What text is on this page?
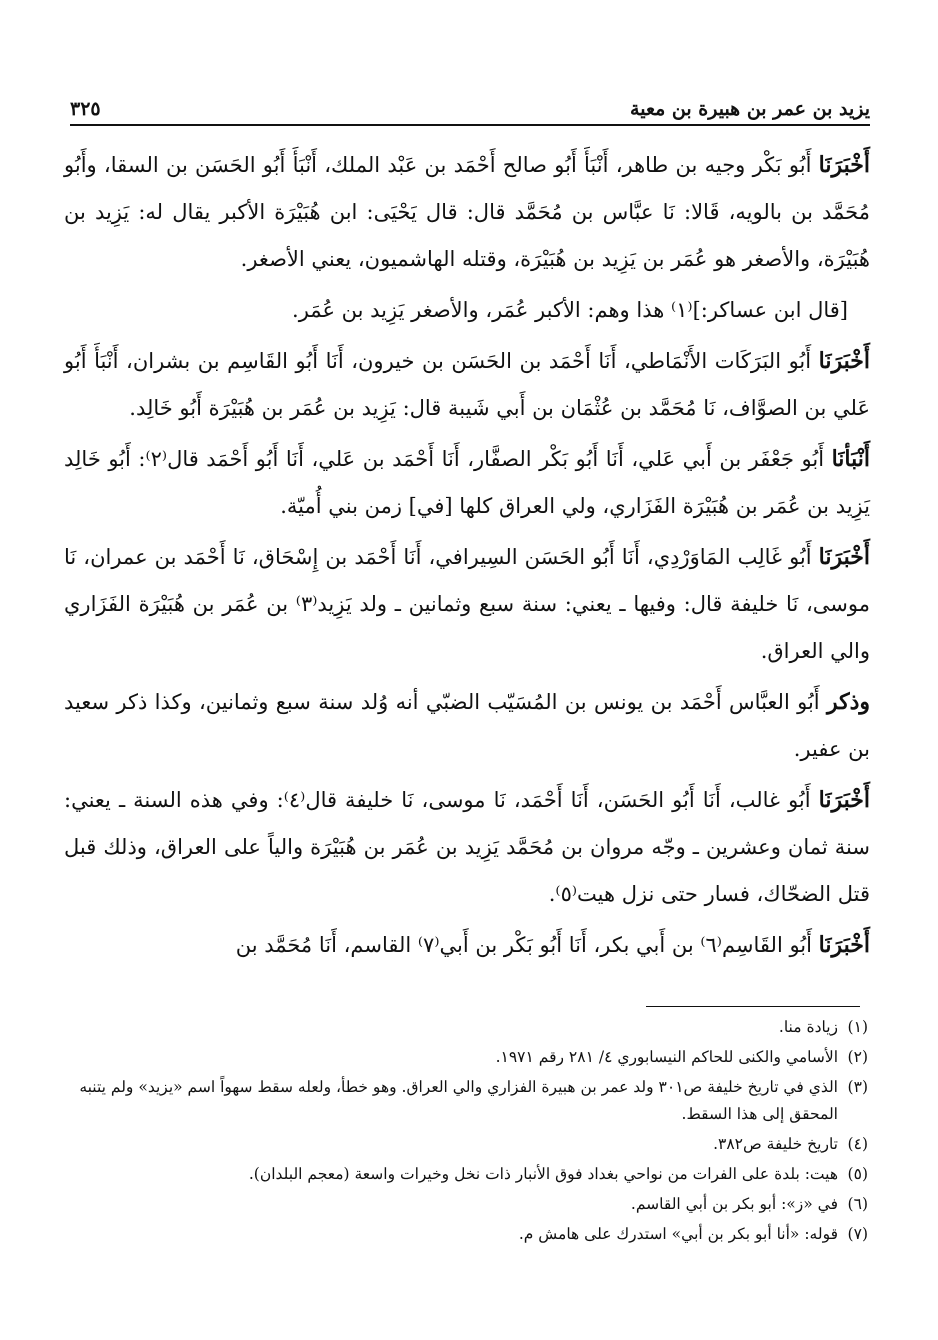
يزيد بن عمر بن هبيرة بن معية
٣٢٥

أَخْبَرَنَا أَبُو بَكْر وجيه بن طاهر، أَنْبَأَ أَبُو صالح أَحْمَد بن عَبْد الملك، أَنْبَأَ أَبُو الحَسَن بن السقا، وأَبُو مُحَمَّد بن بالويه، قَالا: نَا عبَّاس بن مُحَمَّد قال: قال يَحْيَى: ابن هُبَيْرَة الأكبر يقال له: يَزِيد بن هُبَيْرَة، والأصغر هو عُمَر بن يَزِيد بن هُبَيْرَة، وقتله الهاشميون، يعني الأصغر.

[قال ابن عساكر:]⁽١⁾ هذا وهم: الأكبر عُمَر، والأصغر يَزِيد بن عُمَر.

أَخْبَرَنَا أَبُو البَرَكَات الأَنْمَاطي، أَنَا أَحْمَد بن الحَسَن بن خيرون، أَنَا أَبُو القَاسِم بن بشران، أَنْبَأَ أَبُو عَلي بن الصوَّاف، نَا مُحَمَّد بن عُثْمَان بن أَبي شَيبة قال: يَزِيد بن عُمَر بن هُبَيْرَة أَبُو خَالِد.

أَنْبَأنَا أَبُو جَعْفَر بن أَبي عَلي، أَنَا أَبُو بَكْر الصفَّار، أَنَا أَحْمَد بن عَلي، أَنَا أَبُو أَحْمَد قال⁽٢⁾: أَبُو خَالِد يَزِيد بن عُمَر بن هُبَيْرَة الفَزَاري، ولي العراق كلها [في] زمن بني أُميّة.

أَخْبَرَنَا أَبُو غَالِب المَاوَرْدِي، أَنَا أَبُو الحَسَن السِيرافي، أَنَا أَحْمَد بن إِسْحَاق، نَا أَحْمَد بن عمران، نَا موسى، نَا خليفة قال: وفيها ـ يعني: سنة سبع وثمانين ـ ولد يَزِيد⁽٣⁾ بن عُمَر بن هُبَيْرَة الفَزَاري والي العراق.

وذكر أَبُو العبَّاس أَحْمَد بن يونس بن المُسَيّب الضبّي أنه وُلد سنة سبع وثمانين، وكذا ذكر سعيد بن عفير.

أَخْبَرَنَا أَبُو غالب، أَنَا أَبُو الحَسَن، أَنَا أَحْمَد، نَا موسى، نَا خليفة قال⁽٤⁾: وفي هذه السنة ـ يعني: سنة ثمان وعشرين ـ وجّه مروان بن مُحَمَّد يَزِيد بن عُمَر بن هُبَيْرَة والياً على العراق، وذلك قبل قتل الضحّاك، فسار حتى نزل هيت⁽٥⁾.

أَخْبَرَنَا أَبُو القَاسِم⁽٦⁾ بن أَبي بكر، أَنَا أَبُو بَكْر بن أَبي⁽٧⁾ القاسم، أَنَا مُحَمَّد بن

(١)
زيادة منا.
(٢)
الأسامي والكنى للحاكم النيسابوري ٤/ ٢٨١ رقم ١٩٧١.
(٣)
الذي في تاريخ خليفة ص٣٠١ ولد عمر بن هبيرة الفزاري والي العراق. وهو خطأ، ولعله سقط سهواً اسم «يزيد» ولم يتنبه المحقق إلى هذا السقط.
(٤)
تاريخ خليفة ص٣٨٢.
(٥)
هيت: بلدة على الفرات من نواحي بغداد فوق الأنبار ذات نخل وخيرات واسعة (معجم البلدان).
(٦)
في «ز»: أبو بكر بن أبي القاسم.
(٧)
قوله: «أنا أبو بكر بن أبي» استدرك على هامش م.
